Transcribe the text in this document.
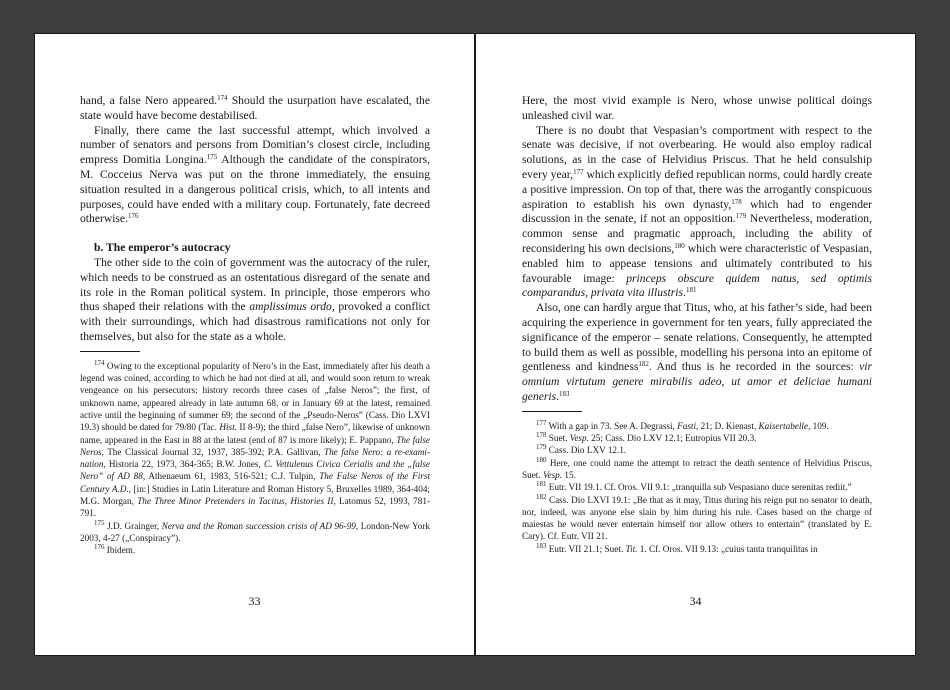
hand, a false Nero appeared.$^{174}$ Should the usurpation have escalated, the state would have become destabilised.

Finally, there came the last successful attempt, which involved a number of senators and persons from Domitian’s closest circle, including empress Domitia Longina.$^{175}$ Although the candidate of the conspirators, M. Cocceius Nerva was put on the throne immediately, the ensuing situation resulted in a dangerous political crisis, which, to all intents and purposes, could have ended with a military coup. Fortunately, fate decreed otherwise.$^{176}$

b. The emperor’s autocracy

The other side to the coin of government was the autocracy of the ruler, which needs to be construed as an ostentatious disregard of the senate and its role in the Roman political system. In principle, those emperors who thus shaped their relations with the amplissimus ordo, provoked a conflict with their surroundings, which had disastrous ramifications not only for themselves, but also for the state as a whole.

$^{174}$ Owing to the exceptional popularity of Nero’s in the East, immediately after his death a legend was coined, according to which he had not died at all, and would soon return to wreak vengeance on his persecutors; history records three cases of „false Neros”; the first, of unknown name, appeared already in late autumn 68, or in January 69 at the latest, remained active until the beginning of summer 69; the second of the „Pseudo-Neros” (Cass. Dio LXVI 19.3) should be dated for 79/80 (Tac. Hist. II 8-9); the third „false Nero”, likewise of unknown name, appeared in the East in 88 at the latest (end of 87 is more likely); E. Pappano, The false Neros, The Classical Journal 32, 1937, 385-392; P.A. Gallivan, The false Nero: a re-examination, Historia 22, 1973, 364-365; B.W. Jones, C. Vettulenus Civica Cerialis and the „false Nero” of AD 88, Athenaeum 61, 1983, 516-521; C.J. Tulpin, The False Neros of the First Century A.D., [in:] Studies in Latin Literature and Roman History 5, Bruxelles 1989, 364-404; M.G. Morgan, The Three Minor Pretenders in Tacitus, Histories II, Latomus 52, 1993, 781-791.

$^{175}$ J.D. Grainger, Nerva and the Roman succession crisis of AD 96-99, London-New York 2003, 4-27 („Conspiracy”).

$^{176}$ Ibidem.

33

Here, the most vivid example is Nero, whose unwise political doings unleashed civil war.

There is no doubt that Vespasian’s comportment with respect to the senate was decisive, if not overbearing. He would also employ radical solutions, as in the case of Helvidius Priscus. That he held consulship every year,$^{177}$ which explicitly defied republican norms, could hardly create a positive impression. On top of that, there was the arrogantly conspicuous aspiration to establish his own dynasty,$^{178}$ which had to engender discussion in the senate, if not an opposition.$^{179}$ Nevertheless, moderation, common sense and pragmatic approach, including the ability of reconsidering his own decisions,$^{180}$ which were characteristic of Vespasian, enabled him to appease tensions and ultimately contributed to his favourable image: princeps obscure quidem natus, sed optimis comparandus, privata vita illustris.$^{181}$

Also, one can hardly argue that Titus, who, at his father’s side, had been acquiring the experience in government for ten years, fully appreciated the significance of the emperor – senate relations. Consequently, he attempted to build them as well as possible, modelling his persona into an epitome of gentleness and kindness$^{182}$. And thus is he recorded in the sources: vir omnium virtutum genere mirabilis adeo, ut amor et deliciae humani generis.$^{183}$

$^{177}$ With a gap in 73. See A. Degrassi, Fasti, 21; D. Kienast, Kaisertabelle, 109.

$^{178}$ Suet. Vesp. 25; Cass. Dio LXV 12.1; Eutropius VII 20.3.

$^{179}$ Cass. Dio LXV 12.1.

$^{180}$ Here, one could name the attempt to retract the death sentence of Helvidius Priscus, Suet. Vesp. 15.

$^{181}$ Eutr. VII 19.1. Cf. Oros. VII 9.1: „tranquilla sub Vespasiano duce serenitas rediit.”

$^{182}$ Cass. Dio LXVI 19.1: „Be that as it may, Titus during his reign put no senator to death, nor, indeed, was anyone else slain by him during his rule. Cases based on the charge of maiestas he would never entertain himself nor allow others to entertain” (translated by E. Cary). Cf. Eutr. VII 21.

$^{183}$ Eutr. VII 21.1; Suet. Tit. 1. Cf. Oros. VII 9.13: „cuius tanta tranquilitas in

34
